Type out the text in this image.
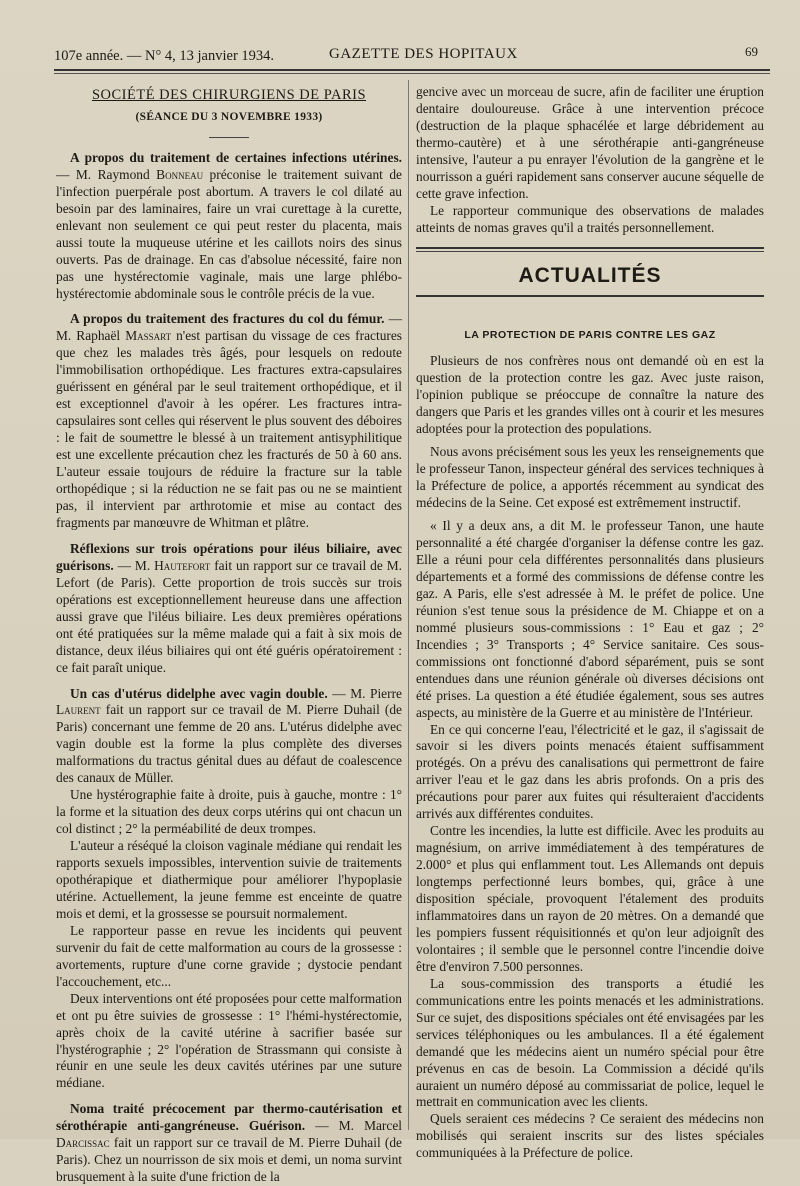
107e année. — N° 4, 13 janvier 1934.	GAZETTE DES HOPITAUX	69

SOCIÉTÉ DES CHIRURGIENS DE PARIS

(SÉANCE DU 3 NOVEMBRE 1933)

A propos du traitement de certaines infections utérines. — M. Raymond Bonneau préconise le traitement suivant de l'infection puerpérale post abortum. A travers le col dilaté au besoin par des laminaires, faire un vrai curettage à la curette, enlevant non seulement ce qui peut rester du placenta, mais aussi toute la muqueuse utérine et les caillots noirs des sinus ouverts. Pas de drainage. En cas d'absolue nécessité, faire non pas une hystérectomie vaginale, mais une large phlébo-hystérectomie abdominale sous le contrôle précis de la vue.

A propos du traitement des fractures du col du fémur. — M. Raphaël Massart n'est partisan du vissage de ces fractures que chez les malades très âgés, pour lesquels on redoute l'immobilisation orthopédique. Les fractures extra-capsulaires guérissent en général par le seul traitement orthopédique, et il est exceptionnel d'avoir à les opérer. Les fractures intra-capsulaires sont celles qui réservent le plus souvent des déboires : le fait de soumettre le blessé à un traitement antisyphilitique est une excellente précaution chez les fracturés de 50 à 60 ans. L'auteur essaie toujours de réduire la fracture sur la table orthopédique ; si la réduction ne se fait pas ou ne se maintient pas, il intervient par arthrotomie et mise au contact des fragments par manœuvre de Whitman et plâtre.

Réflexions sur trois opérations pour iléus biliaire, avec guérisons. — M. Hautefort fait un rapport sur ce travail de M. Lefort (de Paris). Cette proportion de trois succès sur trois opérations est exceptionnellement heureuse dans une affection aussi grave que l'iléus biliaire. Les deux premières opérations ont été pratiquées sur la même malade qui a fait à six mois de distance, deux iléus biliaires qui ont été guéris opératoirement : ce fait paraît unique.

Un cas d'utérus didelphe avec vagin double. — M. Pierre Laurent fait un rapport sur ce travail de M. Pierre Duhail (de Paris) concernant une femme de 20 ans. L'utérus didelphe avec vagin double est la forme la plus complète des diverses malformations du tractus génital dues au défaut de coalescence des canaux de Müller.

Une hystérographie faite à droite, puis à gauche, montre : 1° la forme et la situation des deux corps utérins qui ont chacun un col distinct ; 2° la perméabilité de deux trompes.

L'auteur a réséqué la cloison vaginale médiane qui rendait les rapports sexuels impossibles, intervention suivie de traitements opothérapique et diathermique pour améliorer l'hypoplasie utérine. Actuellement, la jeune femme est enceinte de quatre mois et demi, et la grossesse se poursuit normalement.

Le rapporteur passe en revue les incidents qui peuvent survenir du fait de cette malformation au cours de la grossesse : avortements, rupture d'une corne gravide ; dystocie pendant l'accouchement, etc...

Deux interventions ont été proposées pour cette malformation et ont pu être suivies de grossesse : 1° l'hémi-hystérectomie, après choix de la cavité utérine à sacrifier basée sur l'hystérographie ; 2° l'opération de Strassmann qui consiste à réunir en une seule les deux cavités utérines par une suture médiane.

Noma traité précocement par thermo-cautérisation et sérothérapie anti-gangréneuse. Guérison. — M. Marcel Darcissac fait un rapport sur ce travail de M. Pierre Duhail (de Paris). Chez un nourrisson de six mois et demi, un noma survint brusquement à la suite d'une friction de la

gencive avec un morceau de sucre, afin de faciliter une éruption dentaire douloureuse. Grâce à une intervention précoce (destruction de la plaque sphacélée et large débridement au thermo-cautère) et à une sérothérapie anti-gangréneuse intensive, l'auteur a pu enrayer l'évolution de la gangrène et le nourrisson a guéri rapidement sans conserver aucune séquelle de cette grave infection.

Le rapporteur communique des observations de malades atteints de nomas graves qu'il a traités personnellement.

ACTUALITÉS

LA PROTECTION DE PARIS CONTRE LES GAZ

Plusieurs de nos confrères nous ont demandé où en est la question de la protection contre les gaz. Avec juste raison, l'opinion publique se préoccupe de connaître la nature des dangers que Paris et les grandes villes ont à courir et les mesures adoptées pour la protection des populations.

Nous avons précisément sous les yeux les renseignements que le professeur Tanon, inspecteur général des services techniques à la Préfecture de police, a apportés récemment au syndicat des médecins de la Seine. Cet exposé est extrêmement instructif.

« Il y a deux ans, a dit M. le professeur Tanon, une haute personnalité a été chargée d'organiser la défense contre les gaz. Elle a réuni pour cela différentes personnalités dans plusieurs départements et a formé des commissions de défense contre les gaz. A Paris, elle s'est adressée à M. le préfet de police. Une réunion s'est tenue sous la présidence de M. Chiappe et on a nommé plusieurs sous-commissions : 1° Eau et gaz ; 2° Incendies ; 3° Transports ; 4° Service sanitaire. Ces sous-commissions ont fonctionné d'abord séparément, puis se sont entendues dans une réunion générale où diverses décisions ont été prises. La question a été étudiée également, sous ses autres aspects, au ministère de la Guerre et au ministère de l'Intérieur.

En ce qui concerne l'eau, l'électricité et le gaz, il s'agissait de savoir si les divers points menacés étaient suffisamment protégés. On a prévu des canalisations qui permettront de faire arriver l'eau et le gaz dans les abris profonds. On a pris des précautions pour parer aux fuites qui résulteraient d'accidents arrivés aux différentes conduites.

Contre les incendies, la lutte est difficile. Avec les produits au magnésium, on arrive immédiatement à des températures de 2.000° et plus qui enflamment tout. Les Allemands ont depuis longtemps perfectionné leurs bombes, qui, grâce à une disposition spéciale, provoquent l'étalement des produits inflammatoires dans un rayon de 20 mètres. On a demandé que les pompiers fussent réquisitionnés et qu'on leur adjoignît des volontaires ; il semble que le personnel contre l'incendie doive être d'environ 7.500 personnes.

La sous-commission des transports a étudié les communications entre les points menacés et les administrations. Sur ce sujet, des dispositions spéciales ont été envisagées par les services téléphoniques ou les ambulances. Il a été également demandé que les médecins aient un numéro spécial pour être prévenus en cas de besoin. La Commission a décidé qu'ils auraient un numéro déposé au commissariat de police, lequel le mettrait en communication avec les clients.

Quels seraient ces médecins ? Ce seraient des médecins non mobilisés qui seraient inscrits sur des listes spéciales communiquées à la Préfecture de police.
